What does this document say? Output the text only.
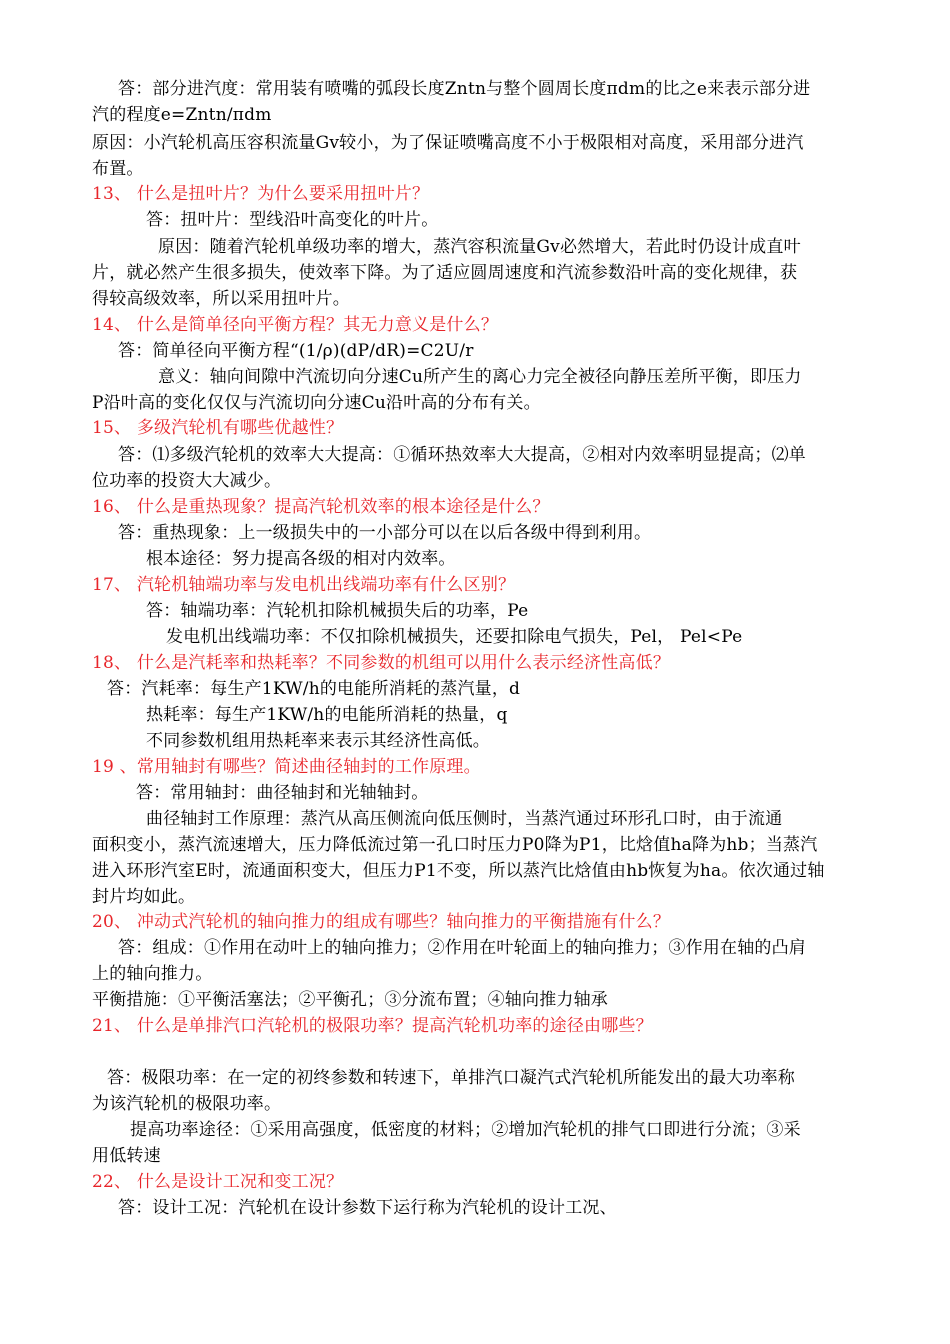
答：部分进汽度：常用装有喷嘴的弧段长度Zntn与整个圆周长度πdm的比之e来表示部分进
汽的程度e=Zntn/πdm
原因：小汽轮机高压容积流量Gv较小，为了保证喷嘴高度不小于极限相对高度，采用部分进汽
布置。
13、 什么是扭叶片？为什么要采用扭叶片？
答：扭叶片：型线沿叶高变化的叶片。
原因：随着汽轮机单级功率的增大，蒸汽容积流量Gv必然增大，若此时仍设计成直叶
片，就必然产生很多损失，使效率下降。为了适应圆周速度和汽流参数沿叶高的变化规律，获
得较高级效率，所以采用扭叶片。
14、 什么是简单径向平衡方程？其无力意义是什么？
答：简单径向平衡方程“(1/ρ)(dP/dR)=C2U/r
意义：轴向间隙中汽流切向分速Cu所产生的离心力完全被径向静压差所平衡，即压力
P沿叶高的变化仅仅与汽流切向分速Cu沿叶高的分布有关。
15、 多级汽轮机有哪些优越性？
答：⑴多级汽轮机的效率大大提高：①循环热效率大大提高，②相对内效率明显提高；⑵单
位功率的投资大大减少。
16、 什么是重热现象？提高汽轮机效率的根本途径是什么？
答：重热现象：上一级损失中的一小部分可以在以后各级中得到利用。
根本途径：努力提高各级的相对内效率。
17、 汽轮机轴端功率与发电机出线端功率有什么区别？
答：轴端功率：汽轮机扣除机械损失后的功率，Pe
发电机出线端功率：不仅扣除机械损失，还要扣除电气损失，Pel， Pel<Pe
18、 什么是汽耗率和热耗率？不同参数的机组可以用什么表示经济性高低？
答：汽耗率：每生产1KW/h的电能所消耗的蒸汽量，d
热耗率：每生产1KW/h的电能所消耗的热量，q
不同参数机组用热耗率来表示其经济性高低。
19 、常用轴封有哪些？简述曲径轴封的工作原理。
答：常用轴封：曲径轴封和光轴轴封。
曲径轴封工作原理：蒸汽从高压侧流向低压侧时，当蒸汽通过环形孔口时，由于流通
面积变小，蒸汽流速增大，压力降低流过第一孔口时压力P0降为P1，比焓值ha降为hb；当蒸汽
进入环形汽室E时，流通面积变大，但压力P1不变，所以蒸汽比焓值由hb恢复为ha。依次通过轴
封片均如此。
20、 冲动式汽轮机的轴向推力的组成有哪些？轴向推力的平衡措施有什么？
答：组成：①作用在动叶上的轴向推力；②作用在叶轮面上的轴向推力；③作用在轴的凸肩
上的轴向推力。
平衡措施：①平衡活塞法；②平衡孔；③分流布置；④轴向推力轴承
21、 什么是单排汽口汽轮机的极限功率？提高汽轮机功率的途径由哪些？
答：极限功率：在一定的初终参数和转速下，单排汽口凝汽式汽轮机所能发出的最大功率称
为该汽轮机的极限功率。
提高功率途径：①采用高强度，低密度的材料；②增加汽轮机的排气口即进行分流；③采
用低转速
22、 什么是设计工况和变工况？
答：设计工况：汽轮机在设计参数下运行称为汽轮机的设计工况、
